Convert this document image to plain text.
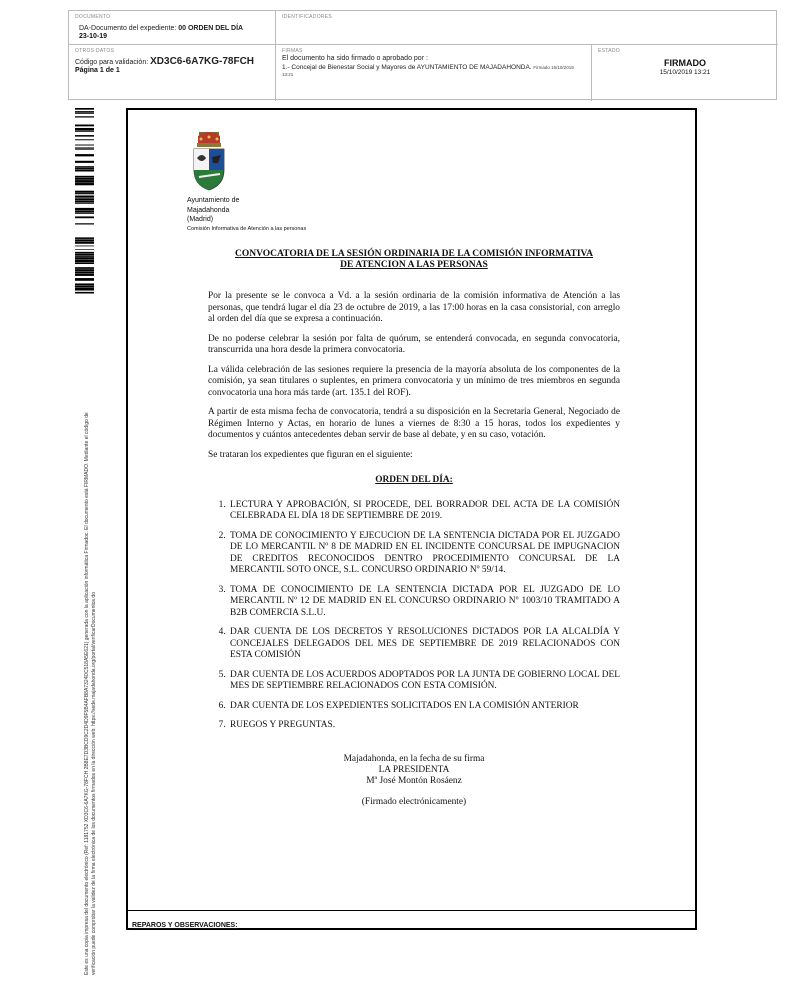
DOCUMENTO
DA-Documento del expediente: 00 ORDEN DEL DÍA
23-10-19
IDENTIFICADORES
OTROS DATOS
Código para validación: XD3C6-6A7KG-78FCH
Página 1 de 1
FIRMAS
El documento ha sido firmado o aprobado por :
1.- Concejal de Bienestar Social y Mayores de AYUNTAMIENTO DE MAJADAHONDA. Firmado 15/10/2019
13:21
ESTADO
FIRMADO
15/10/2019 13:21
Este es una copia impresa del documento electrónico (Ref: 1181752 XD3C6-6A7KG-78FCH 2B8E7D3BCD9C2D4D9F5B4AFB8A7324DC518A5E621) generada con la aplicación informática Firmadoc. El documento está FIRMADO. Mediante el código de verificación puede comprobar la validez de la firma electrónica de los documentos firmados en la dirección web: https://sede.majadahonda.org/portal/verificarDocumentos.do
Ayuntamiento de
Majadahonda
(Madrid)
Comisión Informativa de Atención a las personas
CONVOCATORIA DE LA SESIÓN ORDINARIA DE LA COMISIÓN INFORMATIVA
DE ATENCION A LAS PERSONAS

Por la presente se le convoca a Vd. a la sesión ordinaria de la comisión informativa de Atención a las personas, que tendrá lugar el día 23 de octubre de 2019, a las 17:00 horas en la casa consistorial, con arreglo al orden del día que se expresa a continuación.

De no poderse celebrar la sesión por falta de quórum, se entenderá convocada, en segunda convocatoria, transcurrida una hora desde la primera convocatoria.

La válida celebración de las sesiones requiere la presencia de la mayoría absoluta de los componentes de la comisión, ya sean titulares o suplentes, en primera convocatoria y un mínimo de tres miembros en segunda convocatoria una hora más tarde (art. 135.1 del ROF).

A partir de esta misma fecha de convocatoria, tendrá a su disposición en la Secretaria General, Negociado de Régimen Interno y Actas, en horario de lunes a viernes de 8:30 a 15 horas, todos los expedientes y documentos y cuántos antecedentes deban servir de base al debate, y en su caso, votación.

Se trataran los expedientes que figuran en el siguiente:

ORDEN DEL DÍA:
1. LECTURA Y APROBACIÓN, SI PROCEDE, DEL BORRADOR DEL ACTA DE LA COMISIÓN CELEBRADA EL DÍA 18 DE SEPTIEMBRE DE 2019.
2. TOMA DE CONOCIMIENTO Y EJECUCION DE LA SENTENCIA DICTADA POR EL JUZGADO DE LO MERCANTIL Nº 8 DE MADRID EN EL INCIDENTE CONCURSAL DE IMPUGNACION DE CREDITOS RECONOCIDOS DENTRO PROCEDIMIENTO CONCURSAL DE LA MERCANTIL SOTO ONCE, S.L. CONCURSO ORDINARIO Nº 59/14.
3. TOMA DE CONOCIMIENTO DE LA SENTENCIA DICTADA POR EL JUZGADO DE LO MERCANTIL Nº 12 DE MADRID EN EL CONCURSO ORDINARIO Nº 1003/10 TRAMITADO A B2B COMERCIA S.L.U.
4. DAR CUENTA DE LOS DECRETOS Y RESOLUCIONES DICTADOS POR LA ALCALDÍA Y CONCEJALES DELEGADOS DEL MES DE SEPTIEMBRE DE 2019 RELACIONADOS CON ESTA COMISIÓN
5. DAR CUENTA DE LOS ACUERDOS ADOPTADOS POR LA JUNTA DE GOBIERNO LOCAL DEL MES DE SEPTIEMBRE RELACIONADOS CON ESTA COMISIÓN.
6. DAR CUENTA DE LOS EXPEDIENTES SOLICITADOS EN LA COMISIÓN ANTERIOR
7. RUEGOS Y PREGUNTAS.
Majadahonda, en la fecha de su firma
LA PRESIDENTA
Mª José Montón Rosáenz
(Firmado electrónicamente)
REPAROS Y OBSERVACIONES:
